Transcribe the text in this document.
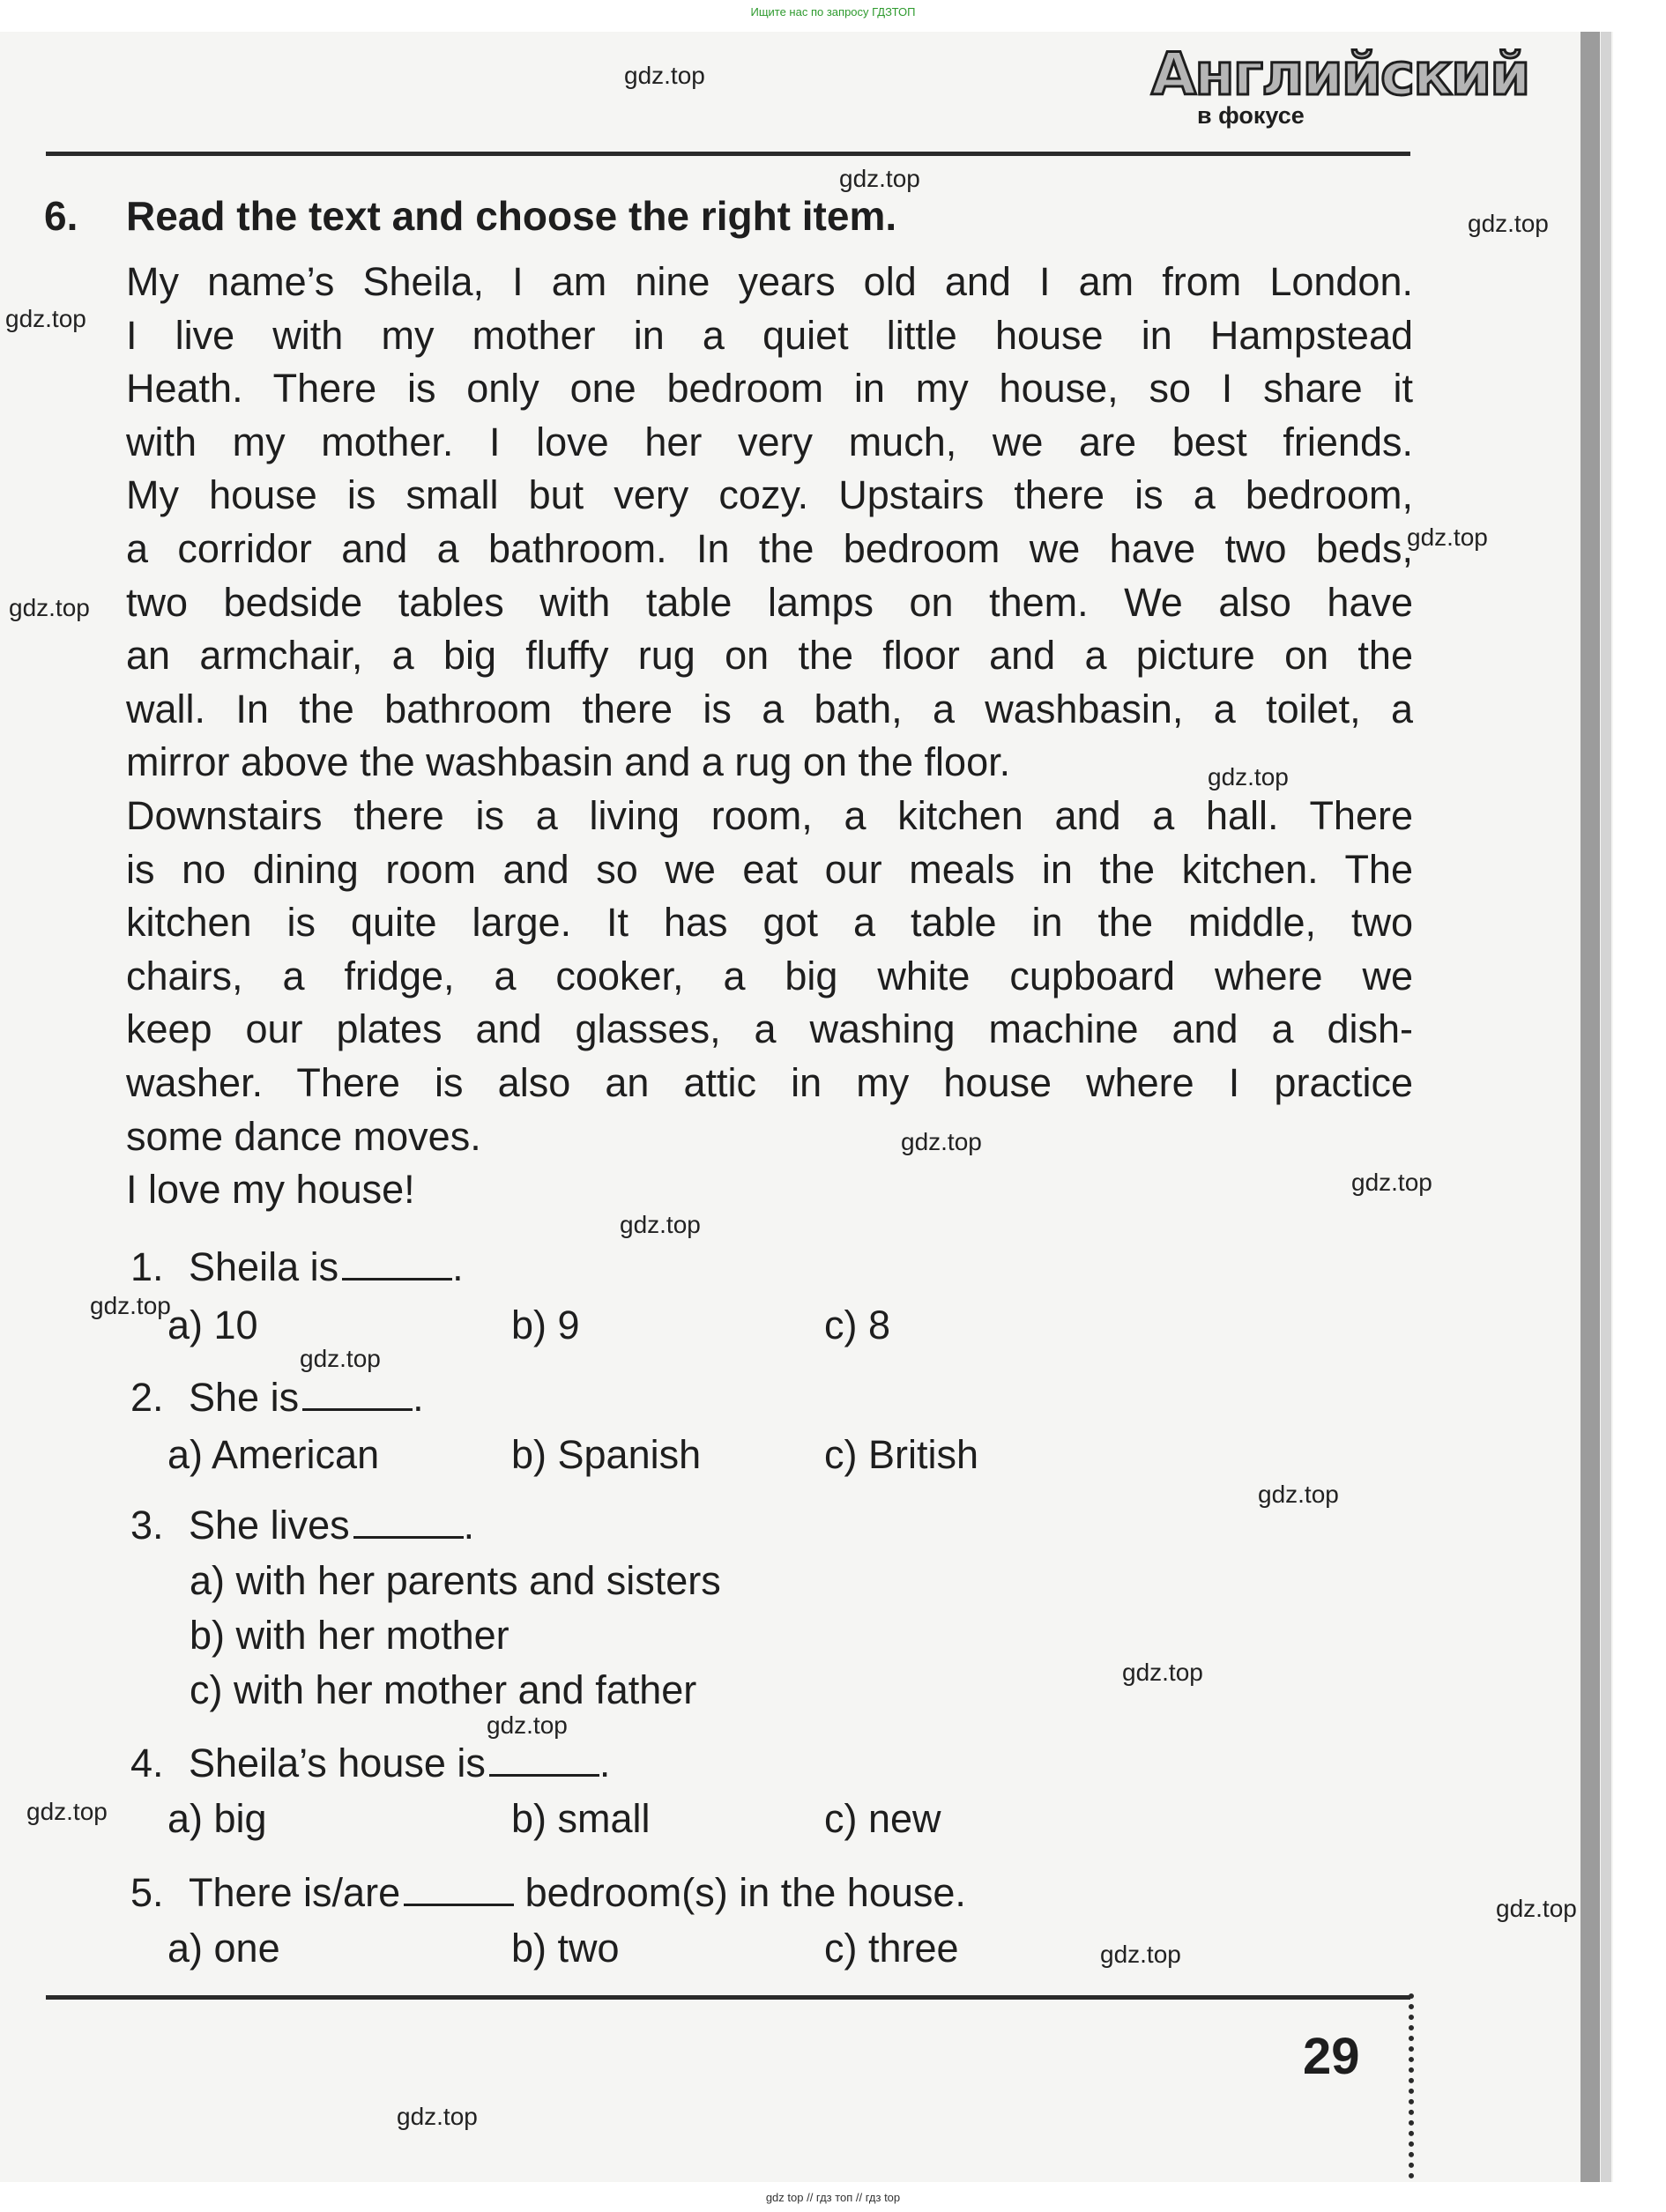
Ищите нас по запросу ГДЗТОП
Английский
в фокусе
6. Read the text and choose the right item.

My name’s Sheila, I am nine years old and I am from London.

I live with my mother in a quiet little house in Hampstead

Heath. There is only one bedroom in my house, so I share it

with my mother. I love her very much, we are best friends.

My house is small but very cozy. Upstairs there is a bedroom,

a corridor and a bathroom. In the bedroom we have two beds,

two bedside tables with table lamps on them. We also have

an armchair, a big fluffy rug on the floor and a picture on the

wall. In the bathroom there is a bath, a washbasin, a toilet, a

mirror above the washbasin and a rug on the floor.

Downstairs there is a living room, a kitchen and a hall. There

is no dining room and so we eat our meals in the kitchen. The

kitchen is quite large. It has got a table in the middle, two

chairs, a fridge, a cooker, a big white cupboard where we

keep our plates and glasses, a washing machine and a dish-

washer. There is also an attic in my house where I practice

some dance moves.

I love my house!

1. Sheila is	.
a) 10	b) 9	c) 8
2. She is	.
a) American	b) Spanish	c) British
3. She lives	.
a) with her parents and sisters
b) with her mother
c) with her mother and father
4. Sheila’s house is	.
a) big	b) small	c) new
5. There is/are	bedroom(s) in the house.
a) one	b) two	c) three
29
gdz.top
gdz.top
gdz.top
gdz.top
gdz.top
gdz.top
gdz.top
gdz.top
gdz.top
gdz.top
gdz.top
gdz.top
gdz.top
gdz.top
gdz.top
gdz.top
gdz.top
gdz.top
gdz.top
gdz top // гдз топ // гдз top
